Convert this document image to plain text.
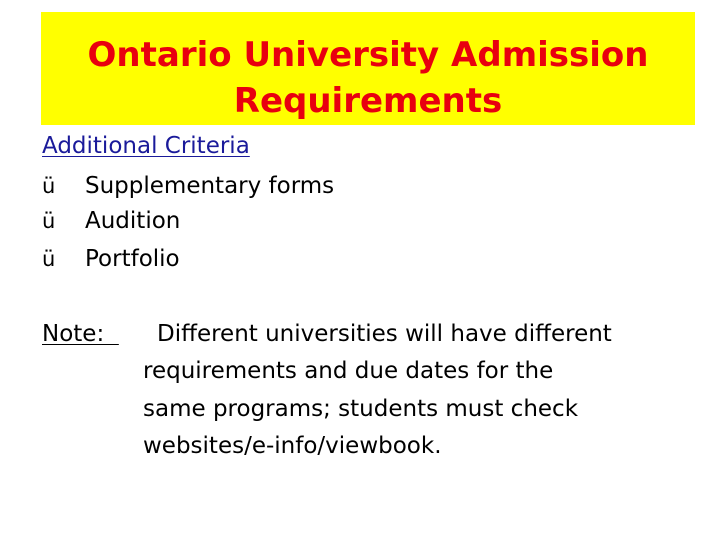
Ontario University Admission
Requirements
Additional Criteria
ü	Supplementary forms
ü	Audition
ü	Portfolio
Note: Different universities will have different
requirements and due dates for the
same programs; students must check
websites/e-info/viewbook.
